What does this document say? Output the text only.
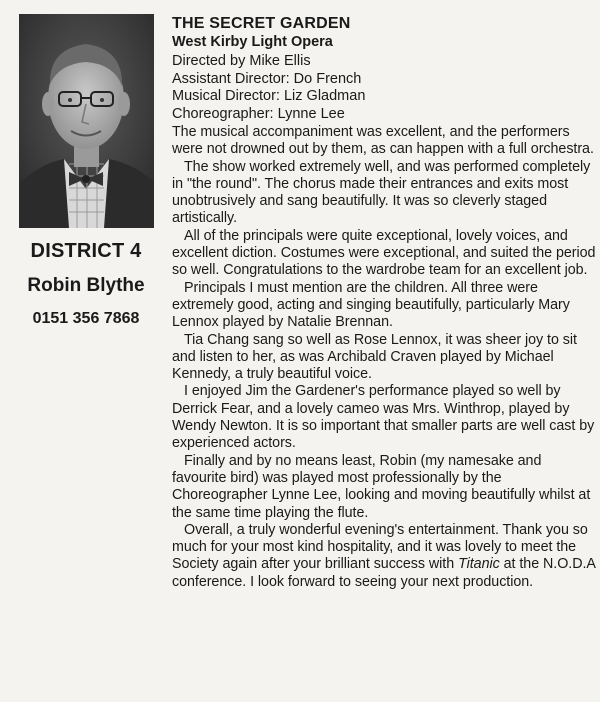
DISTRICT 4
Robin Blythe
0151 356 7868
THE SECRET GARDEN
West Kirby Light Opera

Directed by Mike Ellis

Assistant Director: Do French

Musical Director: Liz Gladman

Choreographer: Lynne Lee

The musical accompaniment was excellent, and the performers were not drowned out by them, as can happen with a full orchestra.

The show worked extremely well, and was performed completely in "the round". The chorus made their entrances and exits most unobtrusively and sang beautifully. It was so cleverly staged artistically.

All of the principals were quite exceptional, lovely voices, and excellent diction. Costumes were exceptional, and suited the period so well. Congratulations to the wardrobe team for an excellent job.

Principals I must mention are the children. All three were extremely good, acting and singing beautifully, particularly Mary Lennox played by Natalie Brennan.

Tia Chang sang so well as Rose Lennox, it was sheer joy to sit and listen to her, as was Archibald Craven played by Michael Kennedy, a truly beautiful voice.

I enjoyed Jim the Gardener's performance played so well by Derrick Fear, and a lovely cameo was Mrs. Winthrop, played by Wendy Newton. It is so important that smaller parts are well cast by experienced actors.

Finally and by no means least, Robin (my namesake and favourite bird) was played most professionally by the Choreographer Lynne Lee, looking and moving beautifully whilst at the same time playing the flute.

Overall, a truly wonderful evening's entertainment. Thank you so much for your most kind hospitality, and it was lovely to meet the Society again after your brilliant success with Titanic at the N.O.D.A conference. I look forward to seeing your next production.
